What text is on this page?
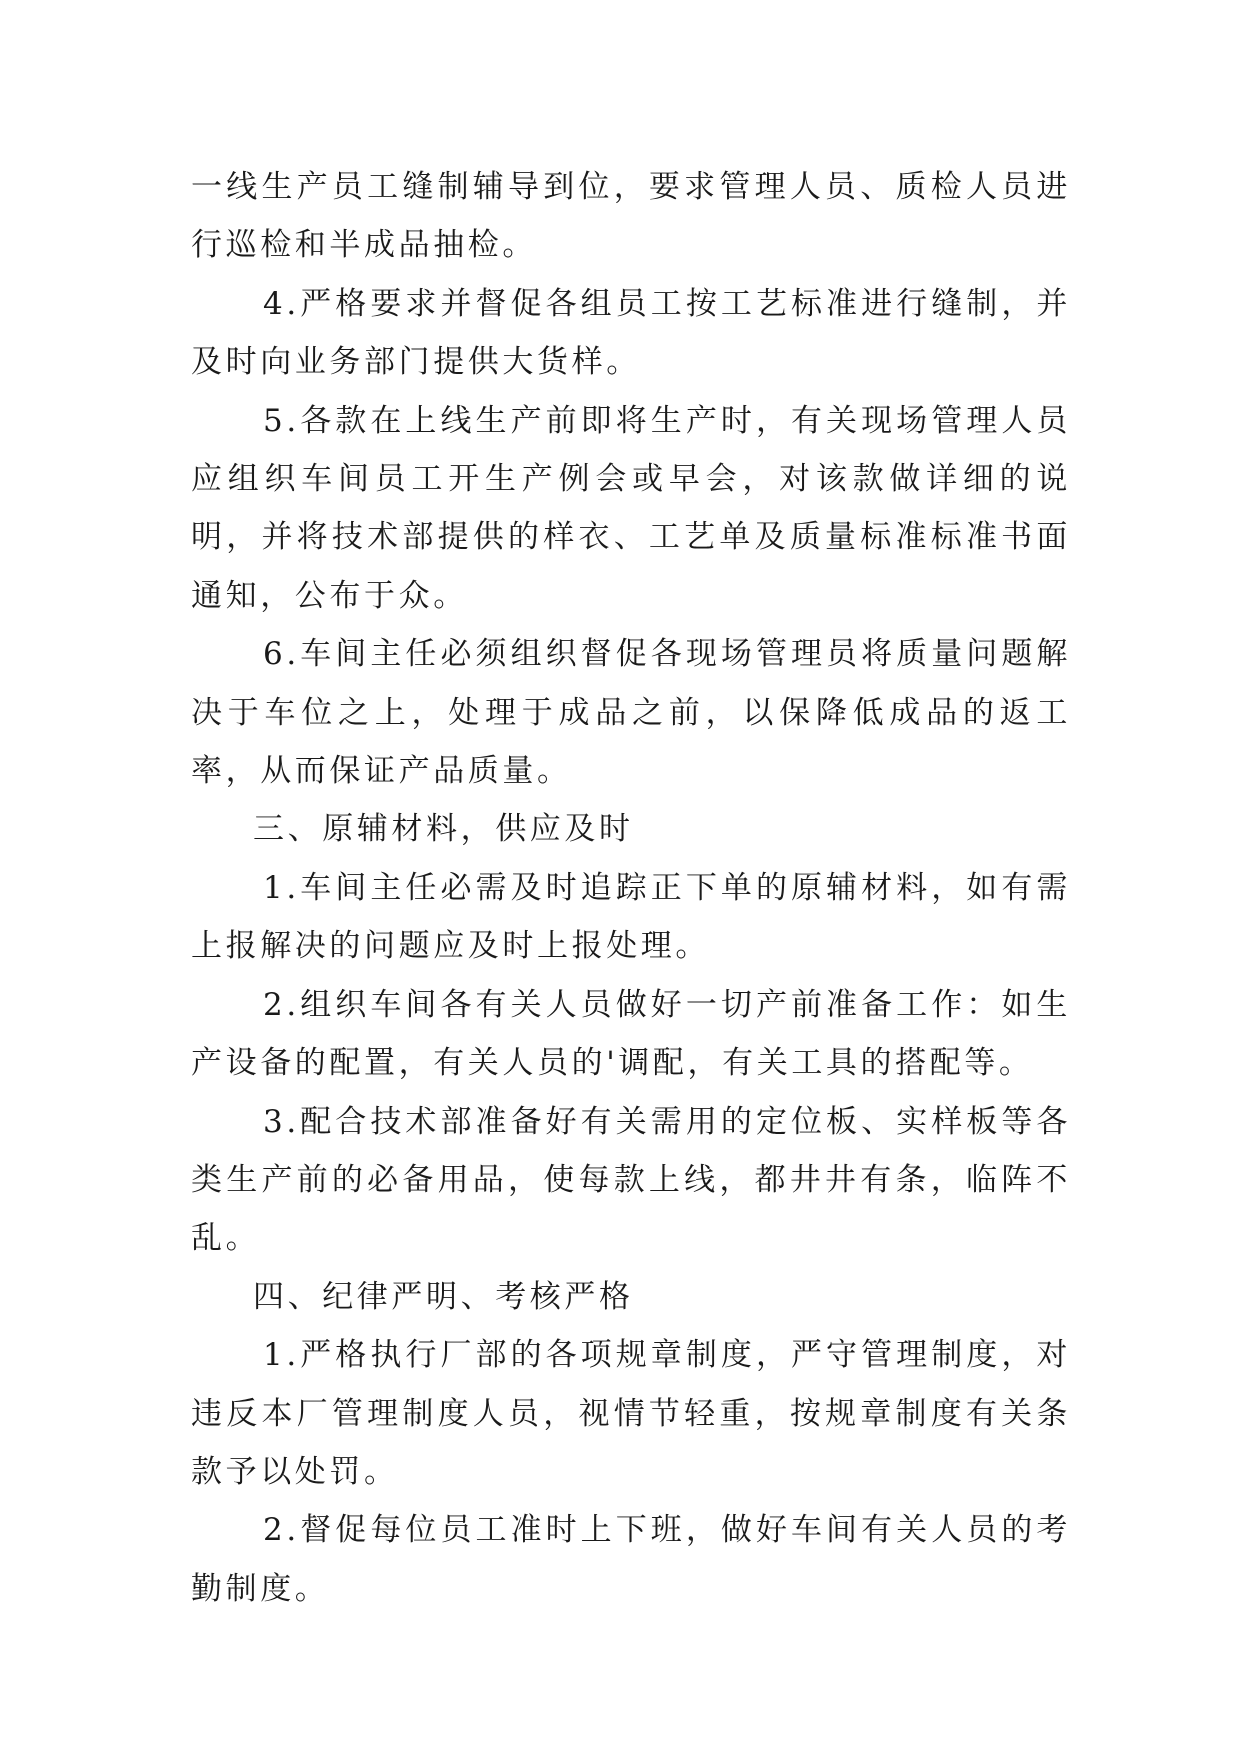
一线生产员工缝制辅导到位，要求管理人员、质检人员进行巡检和半成品抽检。

4.严格要求并督促各组员工按工艺标准进行缝制，并及时向业务部门提供大货样。

5.各款在上线生产前即将生产时，有关现场管理人员应组织车间员工开生产例会或早会，对该款做详细的说明，并将技术部提供的样衣、工艺单及质量标准标准书面通知，公布于众。

6.车间主任必须组织督促各现场管理员将质量问题解决于车位之上，处理于成品之前，以保降低成品的返工率，从而保证产品质量。

三、原辅材料，供应及时

1.车间主任必需及时追踪正下单的原辅材料，如有需上报解决的问题应及时上报处理。

2.组织车间各有关人员做好一切产前准备工作：如生产设备的配置，有关人员的'调配，有关工具的搭配等。

3.配合技术部准备好有关需用的定位板、实样板等各类生产前的必备用品，使每款上线，都井井有条，临阵不乱。

四、纪律严明、考核严格

1.严格执行厂部的各项规章制度，严守管理制度，对违反本厂管理制度人员，视情节轻重，按规章制度有关条款予以处罚。

2.督促每位员工准时上下班，做好车间有关人员的考勤制度。
